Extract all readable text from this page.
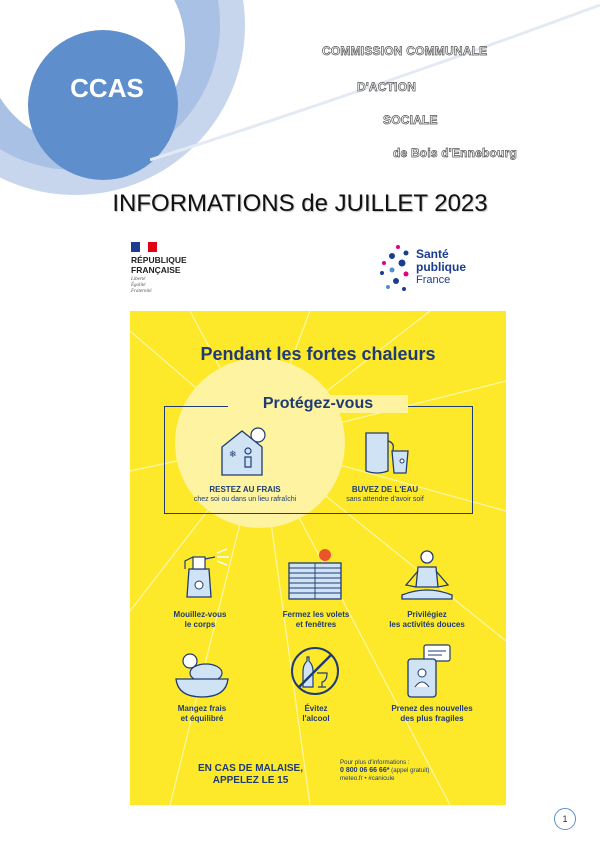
CCAS
COMMISSION COMMUNALE
D'ACTION
SOCIALE
de Bois d'Ennebourg
INFORMATIONS de JUILLET 2023
RÉPUBLIQUE
FRANÇAISE
Liberté
Égalité
Fraternité
Santé
publique
France
Pendant les fortes chaleurs
Protégez-vous
❄
RESTEZ AU FRAIS
chez soi ou dans un lieu rafraîchi
BUVEZ DE L'EAU
sans attendre d'avoir soif
Mouillez-vous
le corps
Fermez les volets
et fenêtres
Privilégiez
les activités douces
Mangez frais
et équilibré
Évitez
l'alcool
Prenez des nouvelles
des plus fragiles
EN CAS DE MALAISE,
APPELEZ LE 15
Pour plus d'informations :
0 800 06 66 66* (appel gratuit)
meteo.fr • #canicule
1
